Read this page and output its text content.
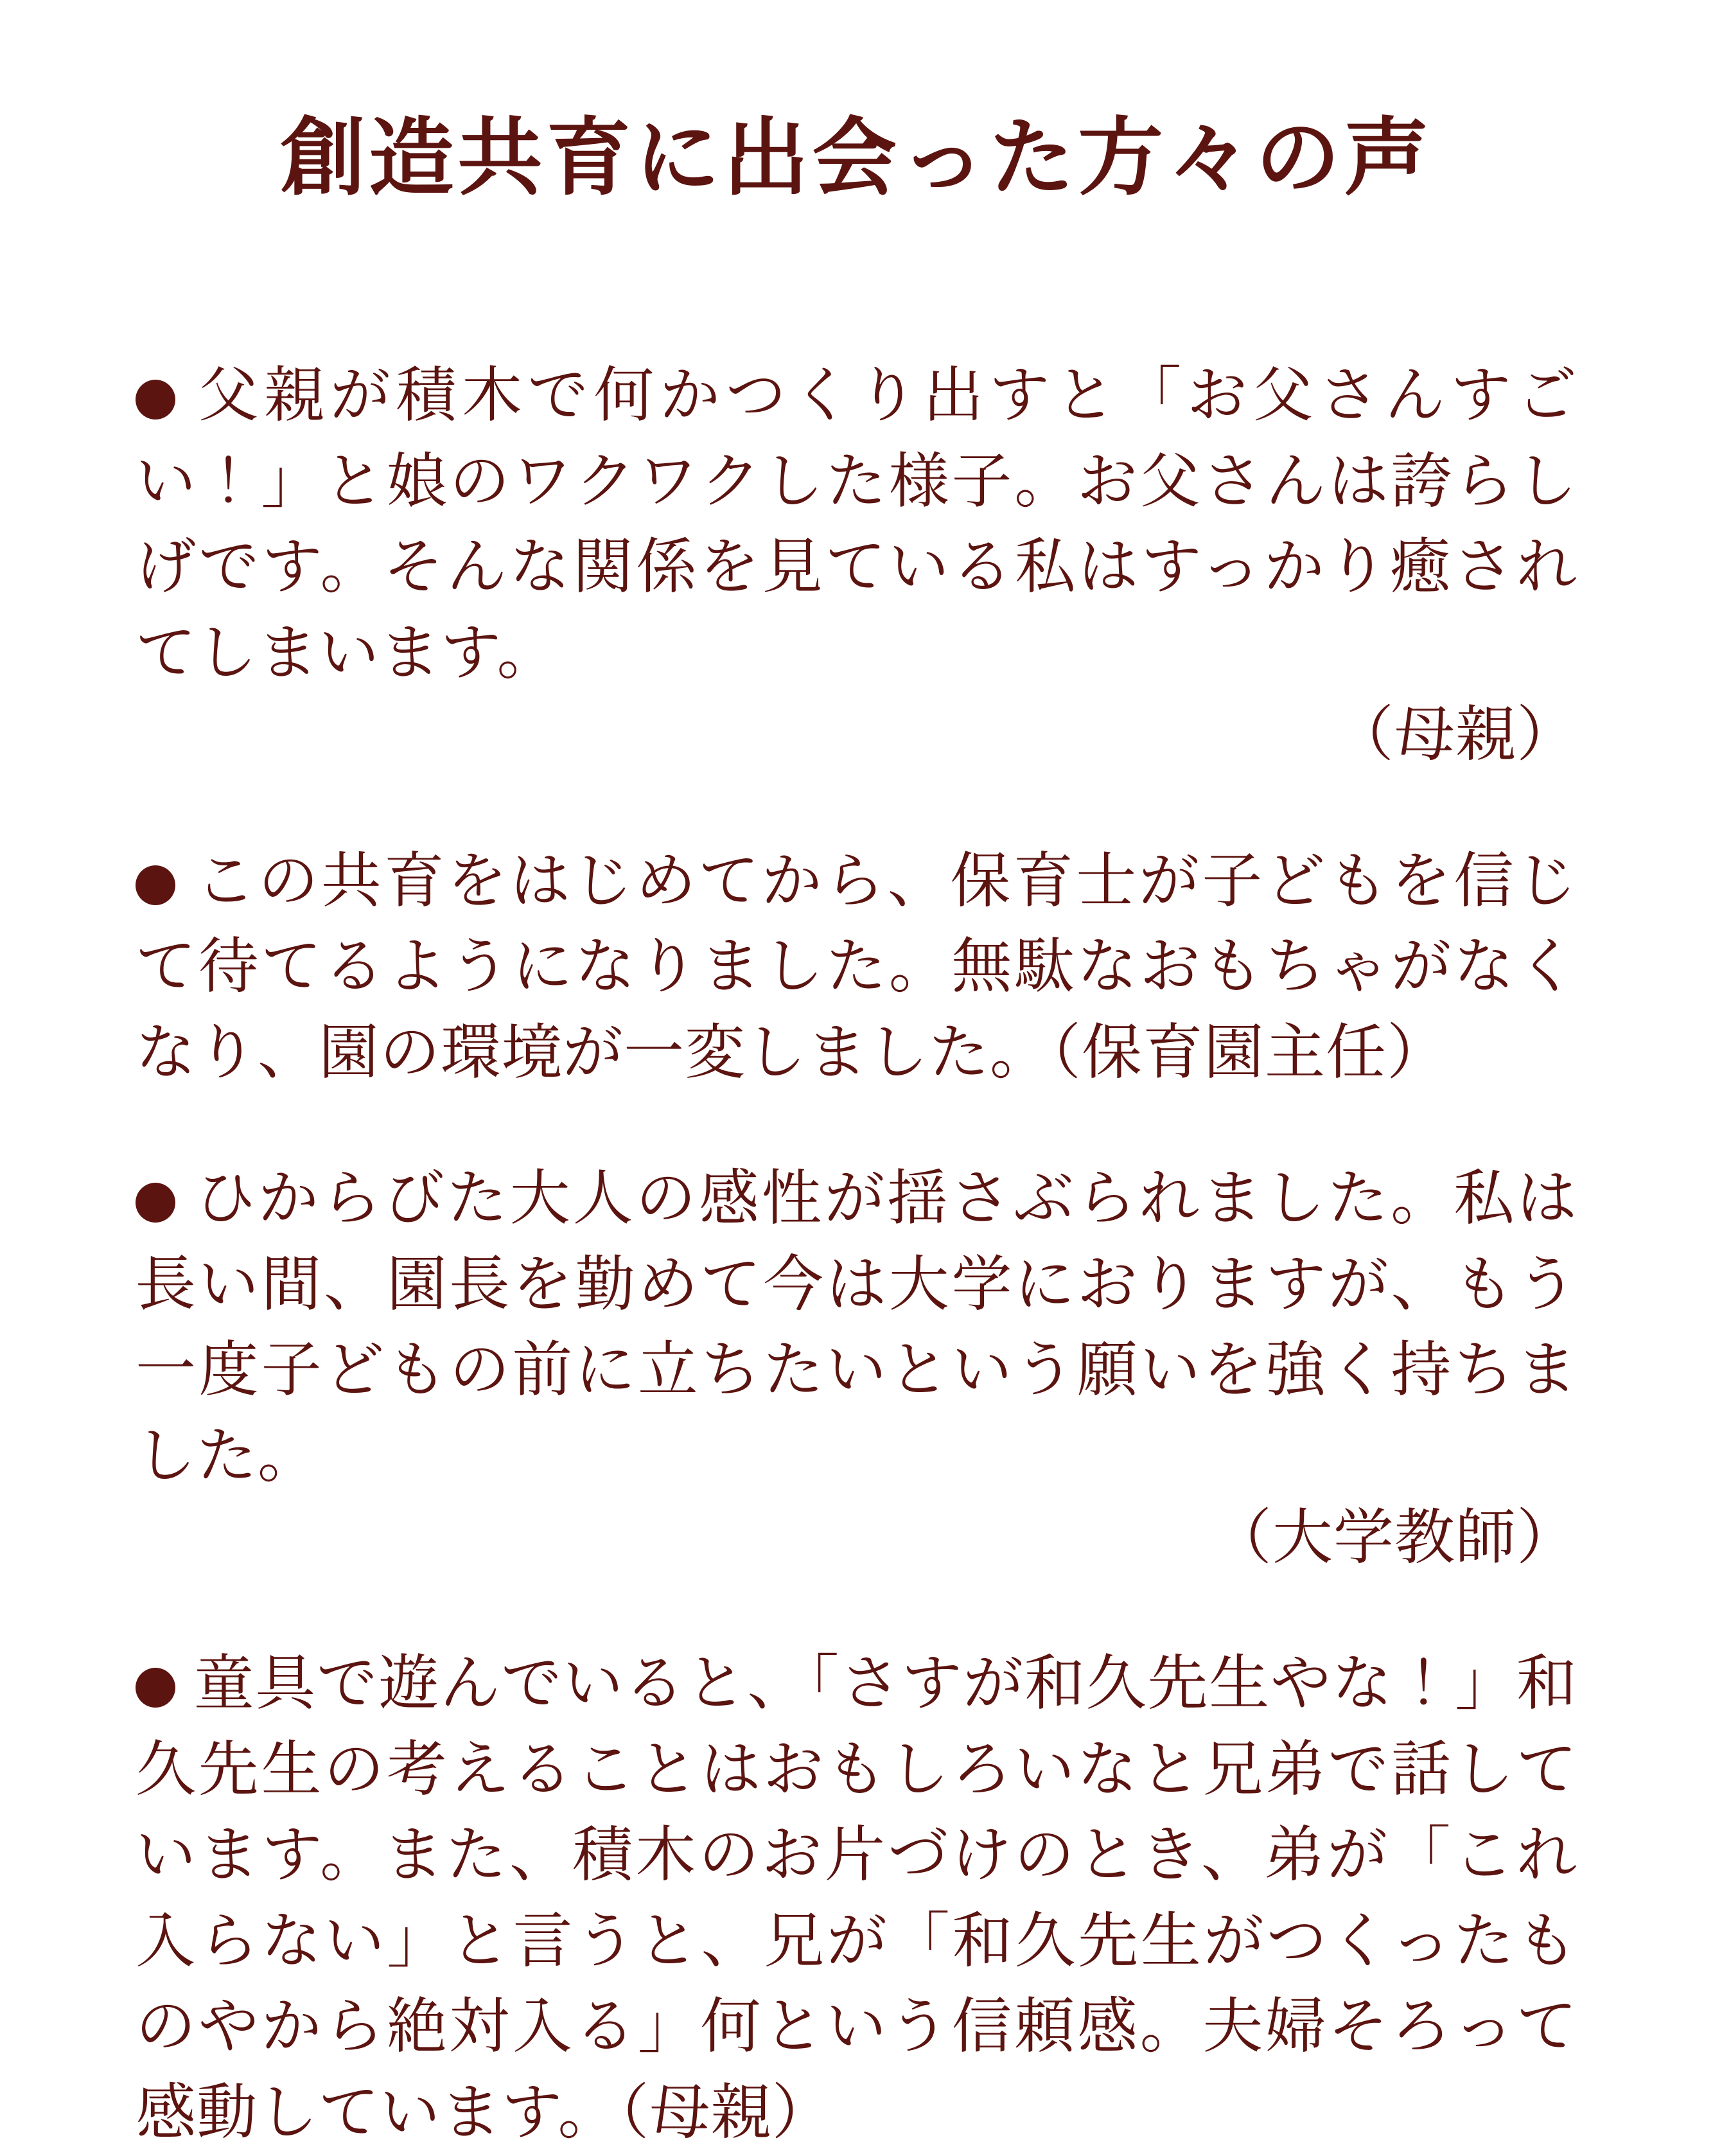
創造共育に出会った方々の声

父親が積木で何かつくり出すと「お父さんすごい！」と娘のワクワクした様子。お父さんは誇らしげです。そんな関係を見ている私はすっかり癒されてしまいます。
（母親）

この共育をはじめてから、保育士が子どもを信じて待てるようになりました。無駄なおもちゃがなくなり、園の環境が一変しました。（保育園主任）

ひからびた大人の感性が揺さぶられました。私は長い間、園長を勤めて今は大学におりますが、もう一度子どもの前に立ちたいという願いを強く持ちました。
（大学教師）

童具で遊んでいると、「さすが和久先生やな！」和久先生の考えることはおもしろいなと兄弟で話しています。また、積木のお片づけのとき、弟が「これ入らない」と言うと、兄が「和久先生がつくったものやから絶対入る」何という信頼感。夫婦そろって感動しています。（母親）
